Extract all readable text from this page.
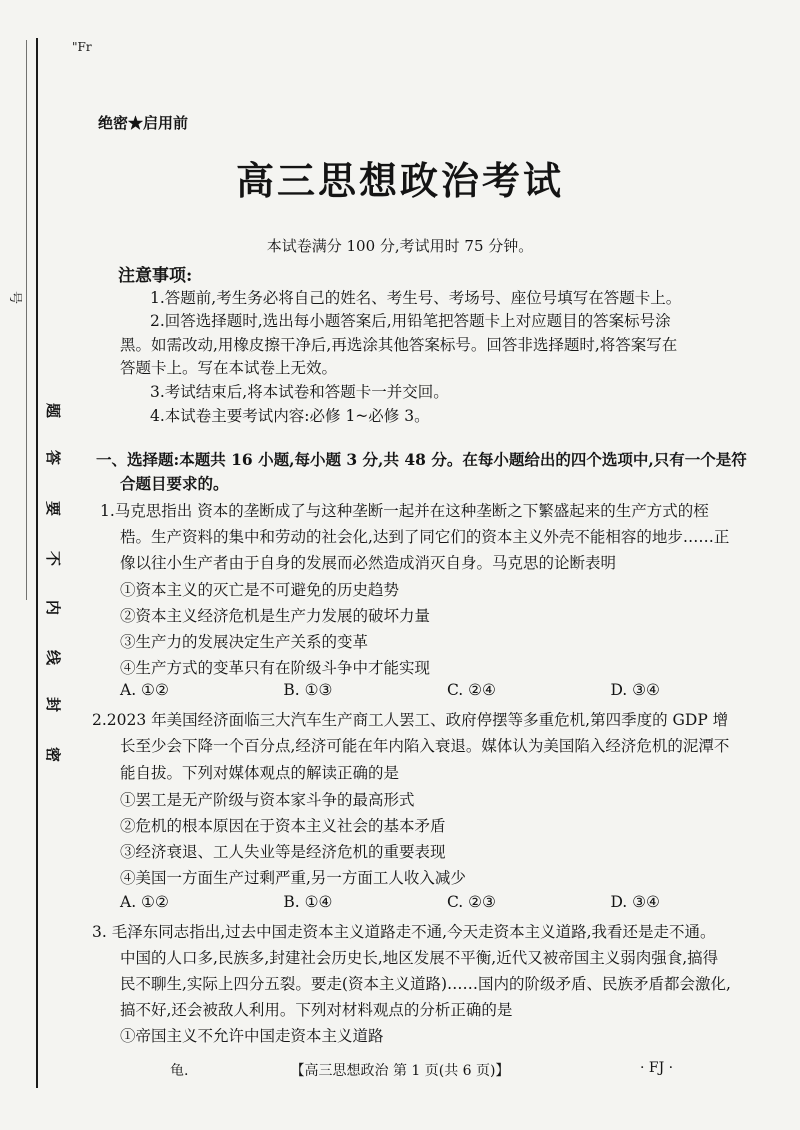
"Fr
号
题
答
要
不
内
线
封
密
绝密★启用前
高三思想政治考试
本试卷满分 100 分,考试用时 75 分钟。
注意事项:
1.答题前,考生务必将自己的姓名、考生号、考场号、座位号填写在答题卡上。
2.回答选择题时,选出每小题答案后,用铅笔把答题卡上对应题目的答案标号涂
黑。如需改动,用橡皮擦干净后,再选涂其他答案标号。回答非选择题时,将答案写在
答题卡上。写在本试卷上无效。
3.考试结束后,将本试卷和答题卡一并交回。
4.本试卷主要考试内容:必修 1~必修 3。
一、选择题:本题共 16 小题,每小题 3 分,共 48 分。在每小题给出的四个选项中,只有一个是符
合题目要求的。
1.马克思指出 资本的垄断成了与这种垄断一起并在这种垄断之下繁盛起来的生产方式的桎
梏。生产资料的集中和劳动的社会化,达到了同它们的资本主义外壳不能相容的地步……正
像以往小生产者由于自身的发展而必然造成消灭自身。马克思的论断表明
①资本主义的灭亡是不可避免的历史趋势
②资本主义经济危机是生产力发展的破坏力量
③生产力的发展决定生产关系的变革
④生产方式的变革只有在阶级斗争中才能实现
A. ①②	B. ①③	C. ②④	D. ③④
2.2023 年美国经济面临三大汽车生产商工人罢工、政府停摆等多重危机,第四季度的 GDP 增
长至少会下降一个百分点,经济可能在年内陷入衰退。媒体认为美国陷入经济危机的泥潭不
能自拔。下列对媒体观点的解读正确的是
①罢工是无产阶级与资本家斗争的最高形式
②危机的根本原因在于资本主义社会的基本矛盾
③经济衰退、工人失业等是经济危机的重要表现
④美国一方面生产过剩严重,另一方面工人收入减少
A. ①②	B. ①④	C. ②③	D. ③④
3. 毛泽东同志指出,过去中国走资本主义道路走不通,今天走资本主义道路,我看还是走不通。
中国的人口多,民族多,封建社会历史长,地区发展不平衡,近代又被帝国主义弱肉强食,搞得
民不聊生,实际上四分五裂。要走(资本主义道路)……国内的阶级矛盾、民族矛盾都会激化,
搞不好,还会被敌人利用。下列对材料观点的分析正确的是
①帝国主义不允许中国走资本主义道路
龟.	【高三思想政治 第 1 页(共 6 页)】	· FJ ·
